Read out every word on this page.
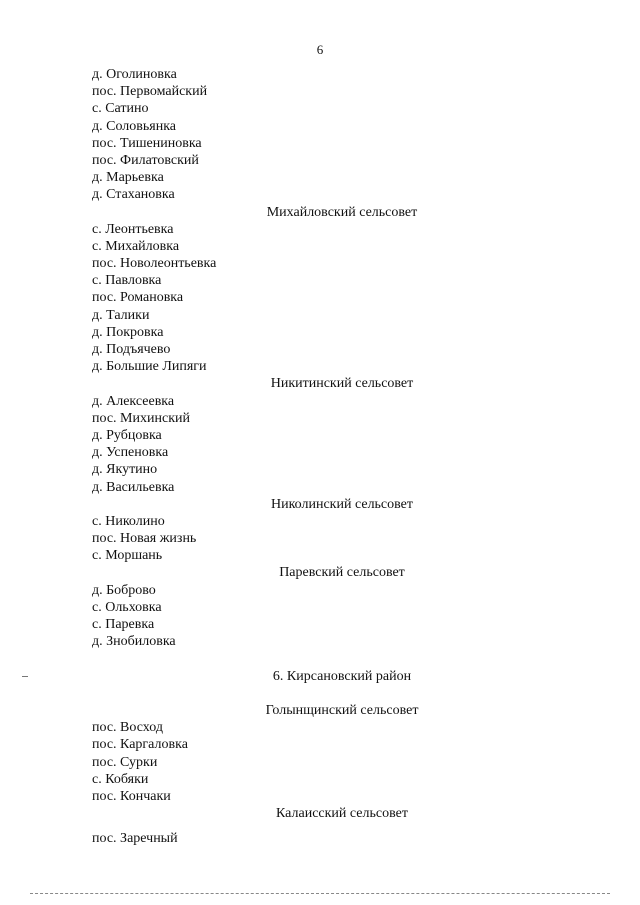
6
д. Оголиновка
пос. Первомайский
с. Сатино
д. Соловьянка
пос. Тишениновка
пос. Филатовский
д. Марьевка
д. Стахановка
Михайловский сельсовет
с. Леонтьевка
с. Михайловка
пос. Новолеонтьевка
с. Павловка
пос. Романовка
д. Талики
д. Покровка
д. Подъячево
д. Большие Липяги
Никитинский сельсовет
д. Алексеевка
пос. Михинский
д. Рубцовка
д. Успеновка
д. Якутино
д. Васильевка
Николинский сельсовет
с. Николино
пос. Новая жизнь
с. Моршань
Паревский сельсовет
д. Боброво
с. Ольховка
с. Паревка
д. Знобиловка
6. Кирсановский район
Голынщинский сельсовет
пос. Восход
пос. Каргаловка
пос. Сурки
с. Кобяки
пос. Кончаки
Калаисский сельсовет
пос. Заречный
